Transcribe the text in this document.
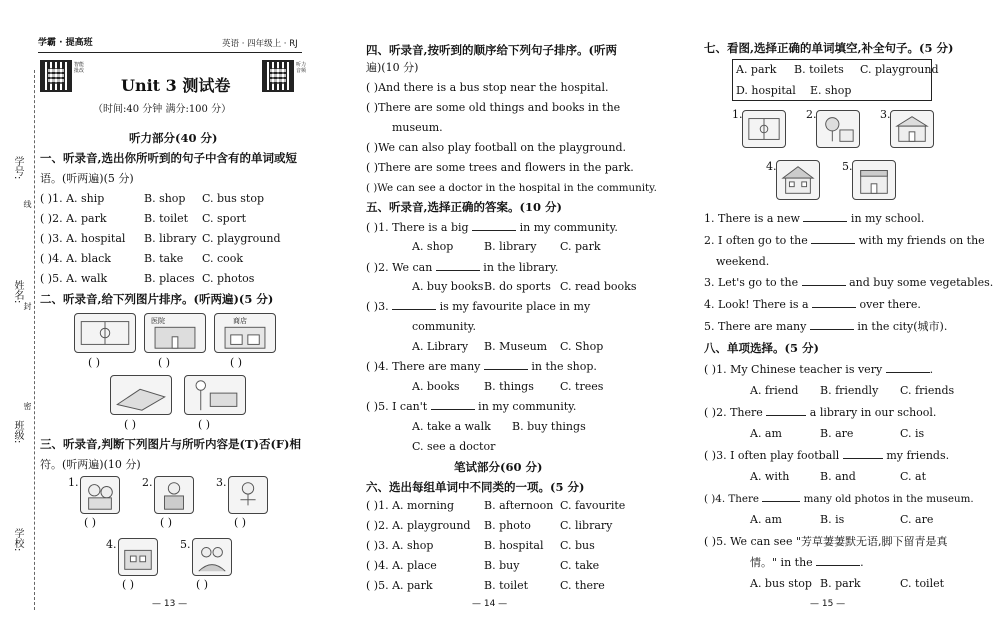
学号:
线
姓名:
封
班级:
密
学校:
学霸 · 提高班	英语 · 四年级上 · RJ
智能批改
听力音频
Unit 3 测试卷
（时间:40 分钟 满分:100 分）
听力部分(40 分)
一、听录音,选出你所听到的句子中含有的单词或短
语。(听两遍)(5 分)
( )1. A. ship	B. shop C. bus stop
( )2. A. park	B. toilet C. sport
( )3. A. hospital B. library C. playground
( )4. A. black	B. take C. cook
( )5. A. walk	B. places C. photos
二、听录音,给下列图片排序。(听两遍)(5 分)
医院	商店
( )	( )	( )
( )	( )
三、听录音,判断下列图片与所听内容是(T)否(F)相
符。(听两遍)(10 分)
1.	2.	3.
( )	( )	( )
4.	5.
( )	( )
— 13 —
四、听录音,按听到的顺序给下列句子排序。(听两
遍)(10 分)
( )And there is a bus stop near the hospital.
( )There are some old things and books in the
museum.
( )We can also play football on the playground.
( )There are some trees and flowers in the park.
( )We can see a doctor in the hospital in the community.
五、听录音,选择正确的答案。(10 分)
( )1. There is a big	in my community.
A. shop	B. library C. park
( )2. We can	in the library.
A. buy books B. do sports C. read books
( )3.	is my favourite place in my
community.
A. Library B. Museum C. Shop
( )4. There are many	in the shop.
A. books B. things C. trees
( )5. I can't	in my community.
A. take a walk B. buy things
C. see a doctor
笔试部分(60 分)
六、选出每组单词中不同类的一项。(5 分)
( )1. A. morning	B. afternoon C. favourite
( )2. A. playground B. photo	C. library
( )3. A. shop	B. hospital C. bus
( )4. A. place	B. buy	C. take
( )5. A. park	B. toilet	C. there
— 14 —
七、看图,选择正确的单词填空,补全句子。(5 分)
A. park B. toilets C. playground
D. hospital E. shop
1.	2.	3.
4.	5.
1. There is a new	in my school.
2. I often go to the	with my friends on the
weekend.
3. Let's go to the	and buy some vegetables.
4. Look! There is a	over there.
5. There are many	in the city(城市).
八、单项选择。(5 分)
( )1. My Chinese teacher is very	.
A. friend B. friendly C. friends
( )2. There	a library in our school.
A. am	B. are	C. is
( )3. I often play football	my friends.
A. with	B. and	C. at
( )4. There	many old photos in the museum.
A. am	B. is	C. are
( )5. We can see "芳草萋萋默无语,脚下留青是真
情。" in the	.
A. bus stop B. park	C. toilet
— 15 —
